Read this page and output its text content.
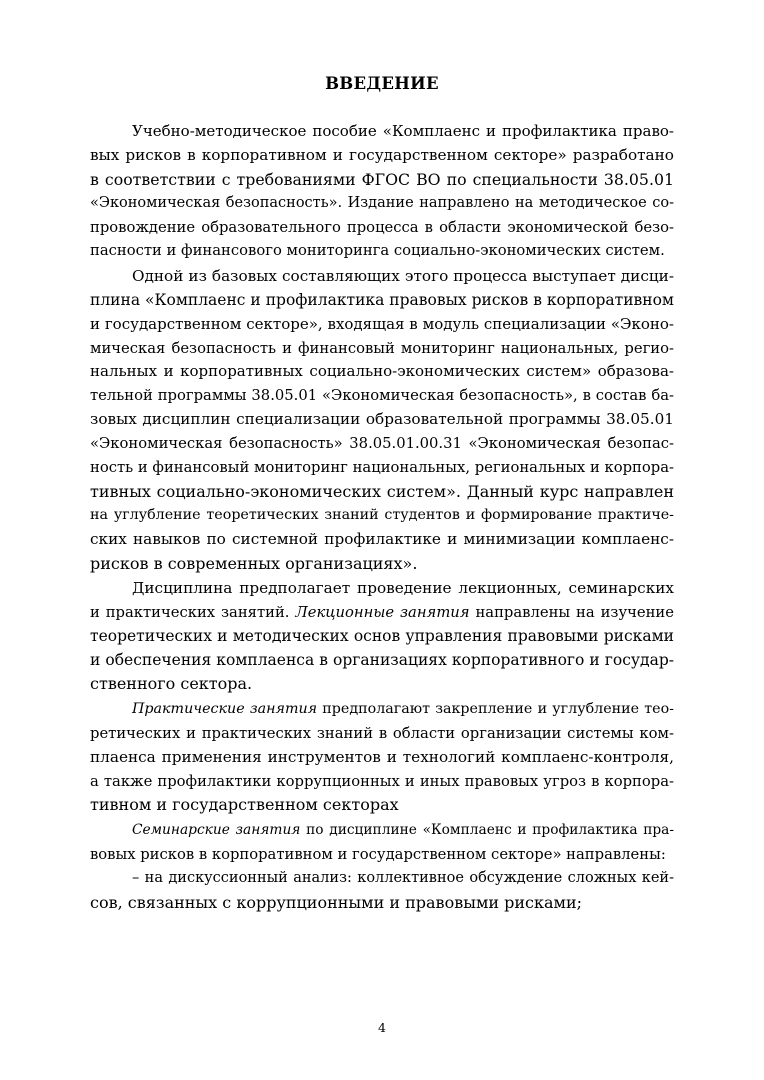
ВВЕДЕНИЕ
Учебно-методическое пособие «Комплаенс и профилактика право-
вых рисков в корпоративном и государственном секторе» разработано
в соответствии с требованиями ФГОС ВО по специальности 38.05.01
«Экономическая безопасность». Издание направлено на методическое со-
провождение образовательного процесса в области экономической безо-
пасности и финансового мониторинга социально-экономических систем.
Одной из базовых составляющих этого процесса выступает дисци-
плина «Комплаенс и профилактика правовых рисков в корпоративном
и государственном секторе», входящая в модуль специализации «Эконо-
мическая безопасность и финансовый мониторинг национальных, регио-
нальных и корпоративных социально-экономических систем» образова-
тельной программы 38.05.01 «Экономическая безопасность», в состав ба-
зовых дисциплин специализации образовательной программы 38.05.01
«Экономическая безопасность» 38.05.01.00.31 «Экономическая безопас-
ность и финансовый мониторинг национальных, региональных и корпора-
тивных социально-экономических систем». Данный курс направлен
на углубление теоретических знаний студентов и формирование практиче-
ских навыков по системной профилактике и минимизации комплаенс-
рисков в современных организациях».
Дисциплина предполагает проведение лекционных, семинарских
и практических занятий. Лекционные занятия направлены на изучение
теоретических и методических основ управления правовыми рисками
и обеспечения комплаенса в организациях корпоративного и государ-
ственного сектора.
Практические занятия предполагают закрепление и углубление тео-
ретических и практических знаний в области организации системы ком-
плаенса применения инструментов и технологий комплаенс-контроля,
а также профилактики коррупционных и иных правовых угроз в корпора-
тивном и государственном секторах
Семинарские занятия по дисциплине «Комплаенс и профилактика пра-
вовых рисков в корпоративном и государственном секторе» направлены:
– на дискуссионный анализ: коллективное обсуждение сложных кей-
сов, связанных с коррупционными и правовыми рисками;
4
